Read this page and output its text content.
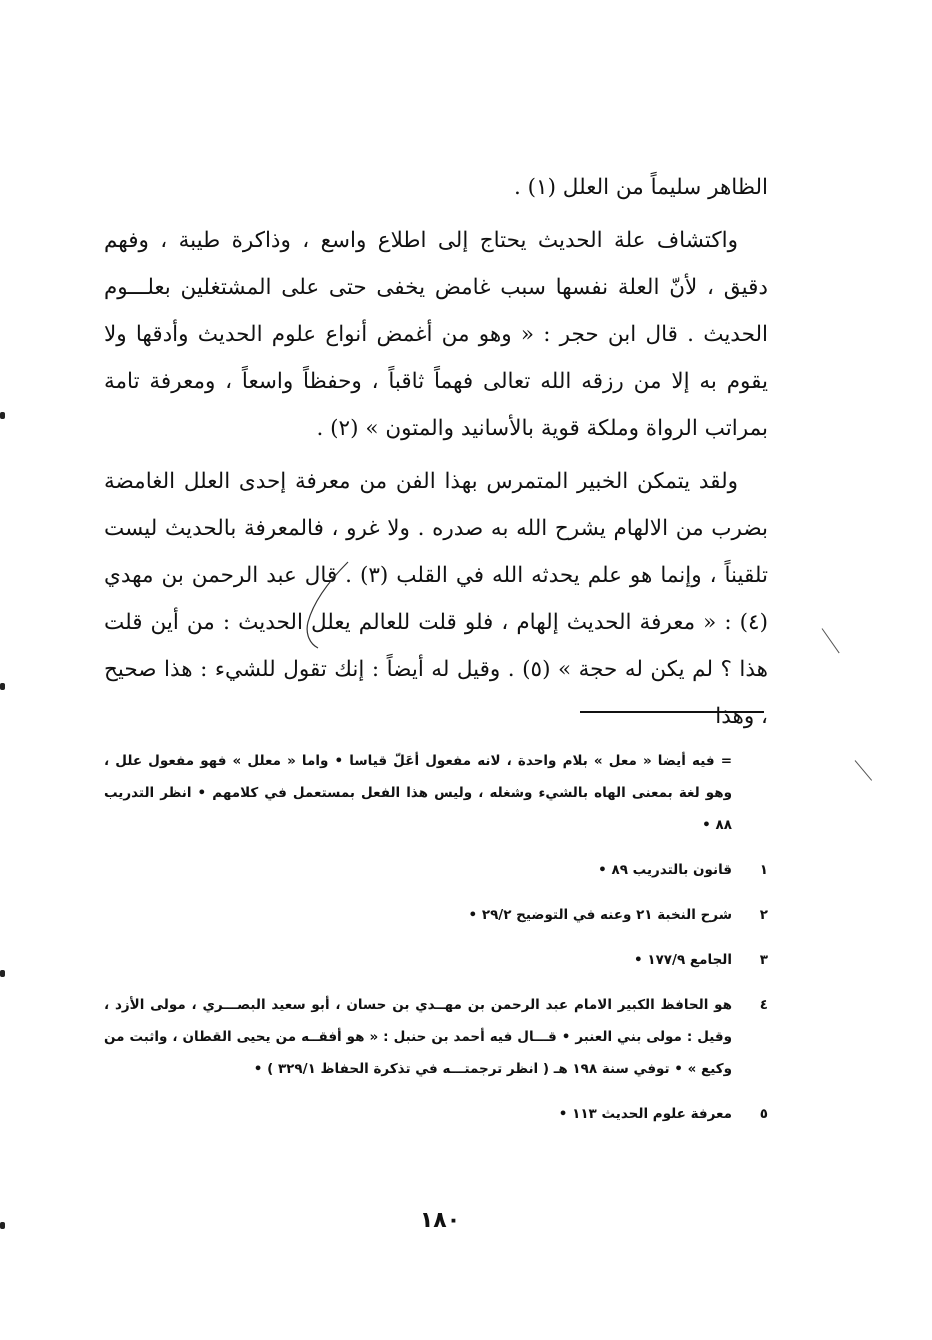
الظاهر سليماً من العلل (١) .

واكتشاف علة الحديث يحتاج إلى اطلاع واسع ، وذاكرة طيبة ، وفهم دقيق ، لأنّ العلة نفسها سبب غامض يخفى حتى على المشتغلين بعلـــوم الحديث . قال ابن حجر : « وهو من أغمض أنواع علوم الحديث وأدقها ولا يقوم به إلا من رزقه الله تعالى فهماً ثاقباً ، وحفظاً واسعاً ، ومعرفة تامة بمراتب الرواة وملكة قوية بالأسانيد والمتون » (٢) .

ولقد يتمكن الخبير المتمرس بهذا الفن من معرفة إحدى العلل الغامضة بضرب من الالهام يشرح الله به صدره . ولا غرو ، فالمعرفة بالحديث ليست تلقيناً ، وإنما هو علم يحدثه الله في القلب (٣) . قال عبد الرحمن بن مهدي (٤) : « معرفة الحديث إلهام ، فلو قلت للعالم يعلل الحديث : من أين قلت هذا ؟ لم يكن له حجة » (٥) . وقيل له أيضاً : إنك تقول للشيء : هذا صحيح ، وهذا

= فيه أيضا « معل » بلام واحدة ، لانه مفعول أعَلّ قياسا • واما « معلل » فهو مفعول علل ، وهو لغة بمعنى الهاه بالشيء وشغله ، وليس هذا الفعل بمستعمل في كلامهم • انظر التدريب ٨٨ •
١
قانون بالتدريب ٨٩ •
٢
شرح النخبة ٢١ وعنه في التوضيح ٢٩/٢ •
٣
الجامع ١٧٧/٩ •
٤
هو الحافظ الكبير الامام عبد الرحمن بن مهــدي بن حسان ، أبو سعيد البصـــري ، مولى الأزد ، وقيل : مولى بني العنبر • قـــال فيه أحمد بن حنبل : « هو أفقــه من يحيى القطان ، واثبت من وكيع » • توفي سنة ١٩٨ هـ ( انظر ترجمتـــه في تذكرة الحفاظ ٣٢٩/١ ) •
٥
معرفة علوم الحديث ١١٣ •
١٨٠
